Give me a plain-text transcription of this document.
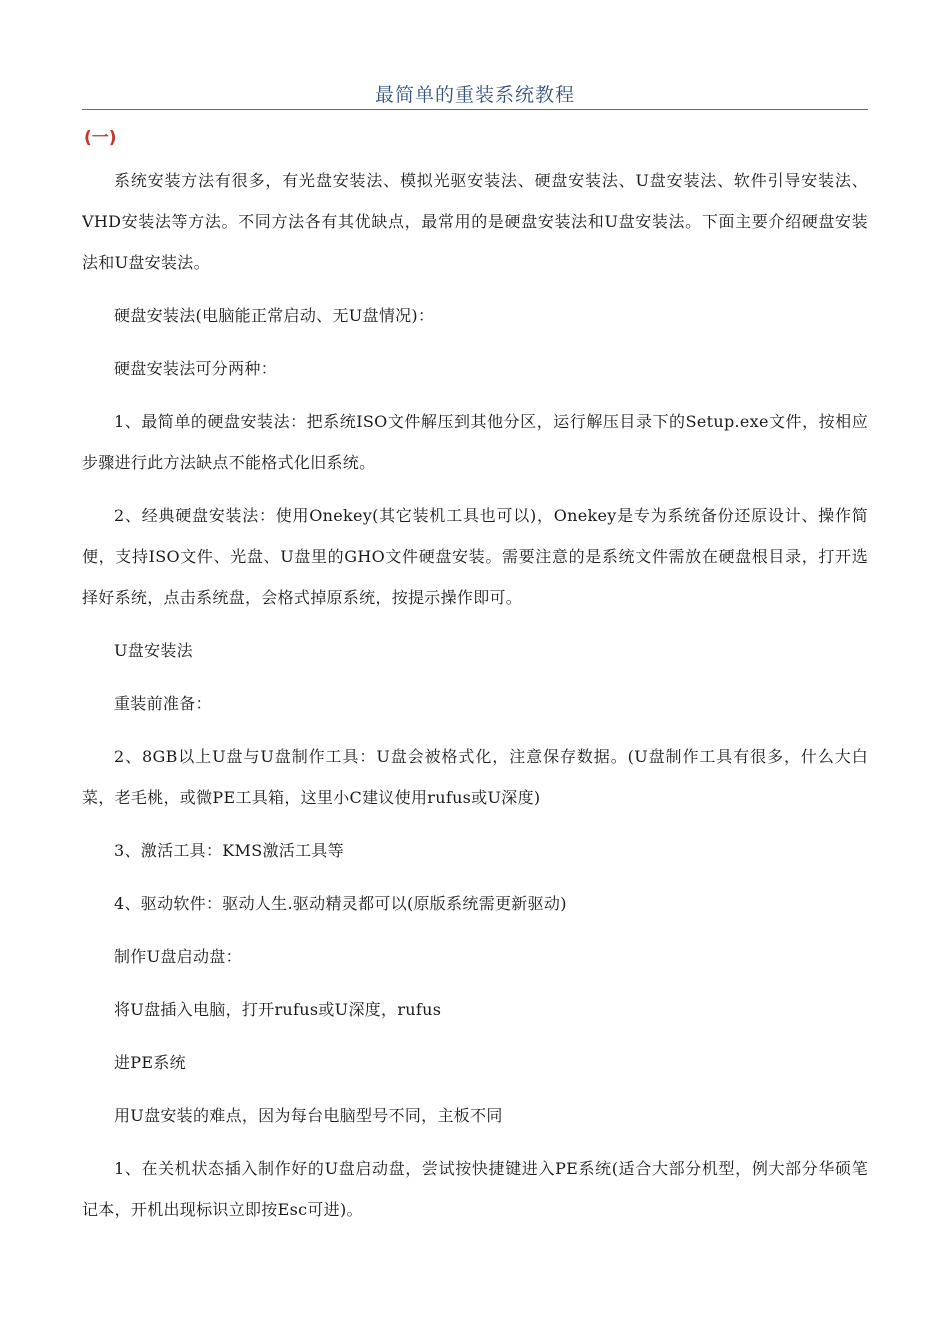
最简单的重装系统教程
(一)

系统安装方法有很多，有光盘安装法、模拟光驱安装法、硬盘安装法、U盘安装法、软件引导安装法、VHD安装法等方法。不同方法各有其优缺点，最常用的是硬盘安装法和U盘安装法。下面主要介绍硬盘安装法和U盘安装法。

硬盘安装法(电脑能正常启动、无U盘情况)：

硬盘安装法可分两种：

1、最简单的硬盘安装法：把系统ISO文件解压到其他分区，运行解压目录下的Setup.exe文件，按相应步骤进行此方法缺点不能格式化旧系统。

2、经典硬盘安装法：使用Onekey(其它装机工具也可以)，Onekey是专为系统备份还原设计、操作简便，支持ISO文件、光盘、U盘里的GHO文件硬盘安装。需要注意的是系统文件需放在硬盘根目录，打开选择好系统，点击系统盘，会格式掉原系统，按提示操作即可。

U盘安装法

重装前准备：

2、8GB以上U盘与U盘制作工具：U盘会被格式化，注意保存数据。(U盘制作工具有很多，什么大白菜，老毛桃，或微PE工具箱，这里小C建议使用rufus或U深度)

3、激活工具：KMS激活工具等

4、驱动软件：驱动人生.驱动精灵都可以(原版系统需更新驱动)

制作U盘启动盘：

将U盘插入电脑，打开rufus或U深度，rufus

进PE系统

用U盘安装的难点，因为每台电脑型号不同，主板不同

1、在关机状态插入制作好的U盘启动盘，尝试按快捷键进入PE系统(适合大部分机型，例大部分华硕笔记本，开机出现标识立即按Esc可进)。
